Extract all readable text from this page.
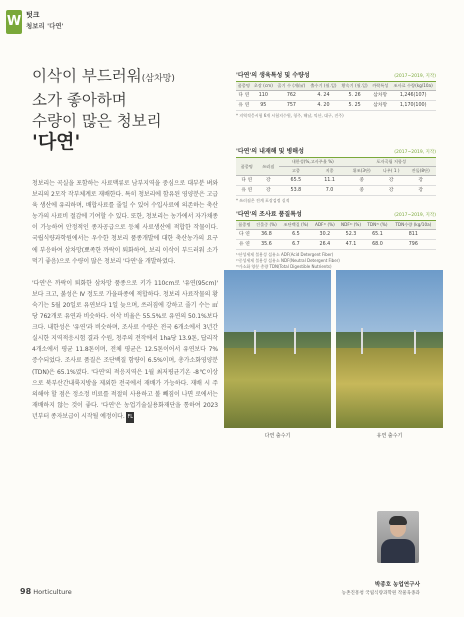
W 텃크
청보리 '다연'
이삭이 부드러워(삼차망)
소가 좋아하며
수량이 많은 청보리
'다연'

청보리는 곡실을 포함하는 사료맥류로 남부지역을 중심으로 대부분 벼와 보리의 2모작 작부체계로 재배한다. 특히 청보리에 함유된 영양분은 고급육 생산에 유리하며, 배합사료를 줄일 수 있어 수입사료에 의존하는 축산농가의 사료비 절감에 기여할 수 있다. 또한, 청보리는 농가에서 자가채종이 가능하여 안정적인 종자공급으로 등체 사료생산에 적합한 작물이다. 국립식량과학원에서는 우수한 청보리 품종개발에 대한 축산농가의 요구에 부응하여 삼차망(뾰족한 까락이 퇴화하여, 보리 이삭이 부드러워 소가 먹기 좋음)으로 수량이 많은 청보리 '다연'을 개발하였다.

'다연'은 까락이 퇴화한 삼차망 품종으로 키가 110cm로 '유연(95cm)' 보다 크고, 붉성은 Ⅳ 정도로 가을파종에 적합하다. 청보리 사료작물의 황숙기는 5월 20일로 유연보다 1일 늦으며, 쓰러짐에 강하고 줄기 수는 ㎡당 762개로 유연과 비슷하다. 이삭 비율은 55.5%로 유연의 50.1%보다 크다. 내한성은 '유연'과 비슷하며, 조사료 수량은 전국 6개소에서 3년간 실시한 지역적응시험 결과 수원, 청주의 전작에서 1ha당 13.9톤, 답리작 4개소에서 평균 11.8톤이며, 전체 평균은 12.5톤이어서 유연보다 7% 증수되었다. 조사료 품질은 조단백질 함량이 6.5%이며, 총가소화영양분(TDN)은 65.1%였다. '다연'의 적응지역은 1월 최저평균기온 -8℃이상으로 북부산간내륙지방을 제외한 전국에서 재배가 가능하다. 재배 시 주의해야 할 점은 정소정 비료를 적절히 사용하고 볼 빼짐이 나면 로에서는 재배하지 않는 것이 좋다. '다연'은 농업기술실용화재단을 통하여 2023년부터 종자보급이 시작될 예정이다. FL

'다연'의 생육특성 및 수량성	(2017~2019, 지작)
품종명	초장 (cm)	줄기 수 (개/㎡)	출수기 (월.일)	황숙기 (월.일)	까락특성	조사료 수량(kg/10a)
다 연	110	762	4. 24	5. 26	삼차망	1,246(107)
유 연	95	757	4. 20	5. 25	삼차망	1,170(100)
* 지역적응시험 6개 시험지수원, 청주, 해남, 익산, 대구, 진주)
'다연'의 내재해 및 병해성	(2017~2019, 지작)
품종명	쓰러짐	내한성(%,고사주율 %)		포자곡립 저항성		
		고종	지종	위조(3단)	나우( 1 )	잔돌(8단)
다 연	강	65.5	11.1	중	강	강
유 연	강	53.8	7.0	중	강	강
* 쓰러짐은 전계 포장검정 실적
'다연'의 조사료 품질특성	(2017~2019, 지작)
품종명	건물중 (%)	조단백질 (%)	ADF¹⁾ (%)	NDF²⁾ (%)	TDN³⁾ (%)	TDN수량 (kg/10a)
다 연	36.8	6.5	30.2	52.3	65.1	811
유 연	35.6	6.7	26.4	47.1	68.0	796
¹⁾산성세제 불용성 섬유소 ADF(Acid Detergent Fiber)
²⁾중성세제 불용성 섬유소 NDF(Neutral Detergent Fiber)
³⁾가소화 양분 총량 TDN(Total Digestible Nutrients)
다연 출수기	유연 출수기
박종호 농업연구사
농촌진흥청 국립식량과학원 작물육종과
98 Horticulture
